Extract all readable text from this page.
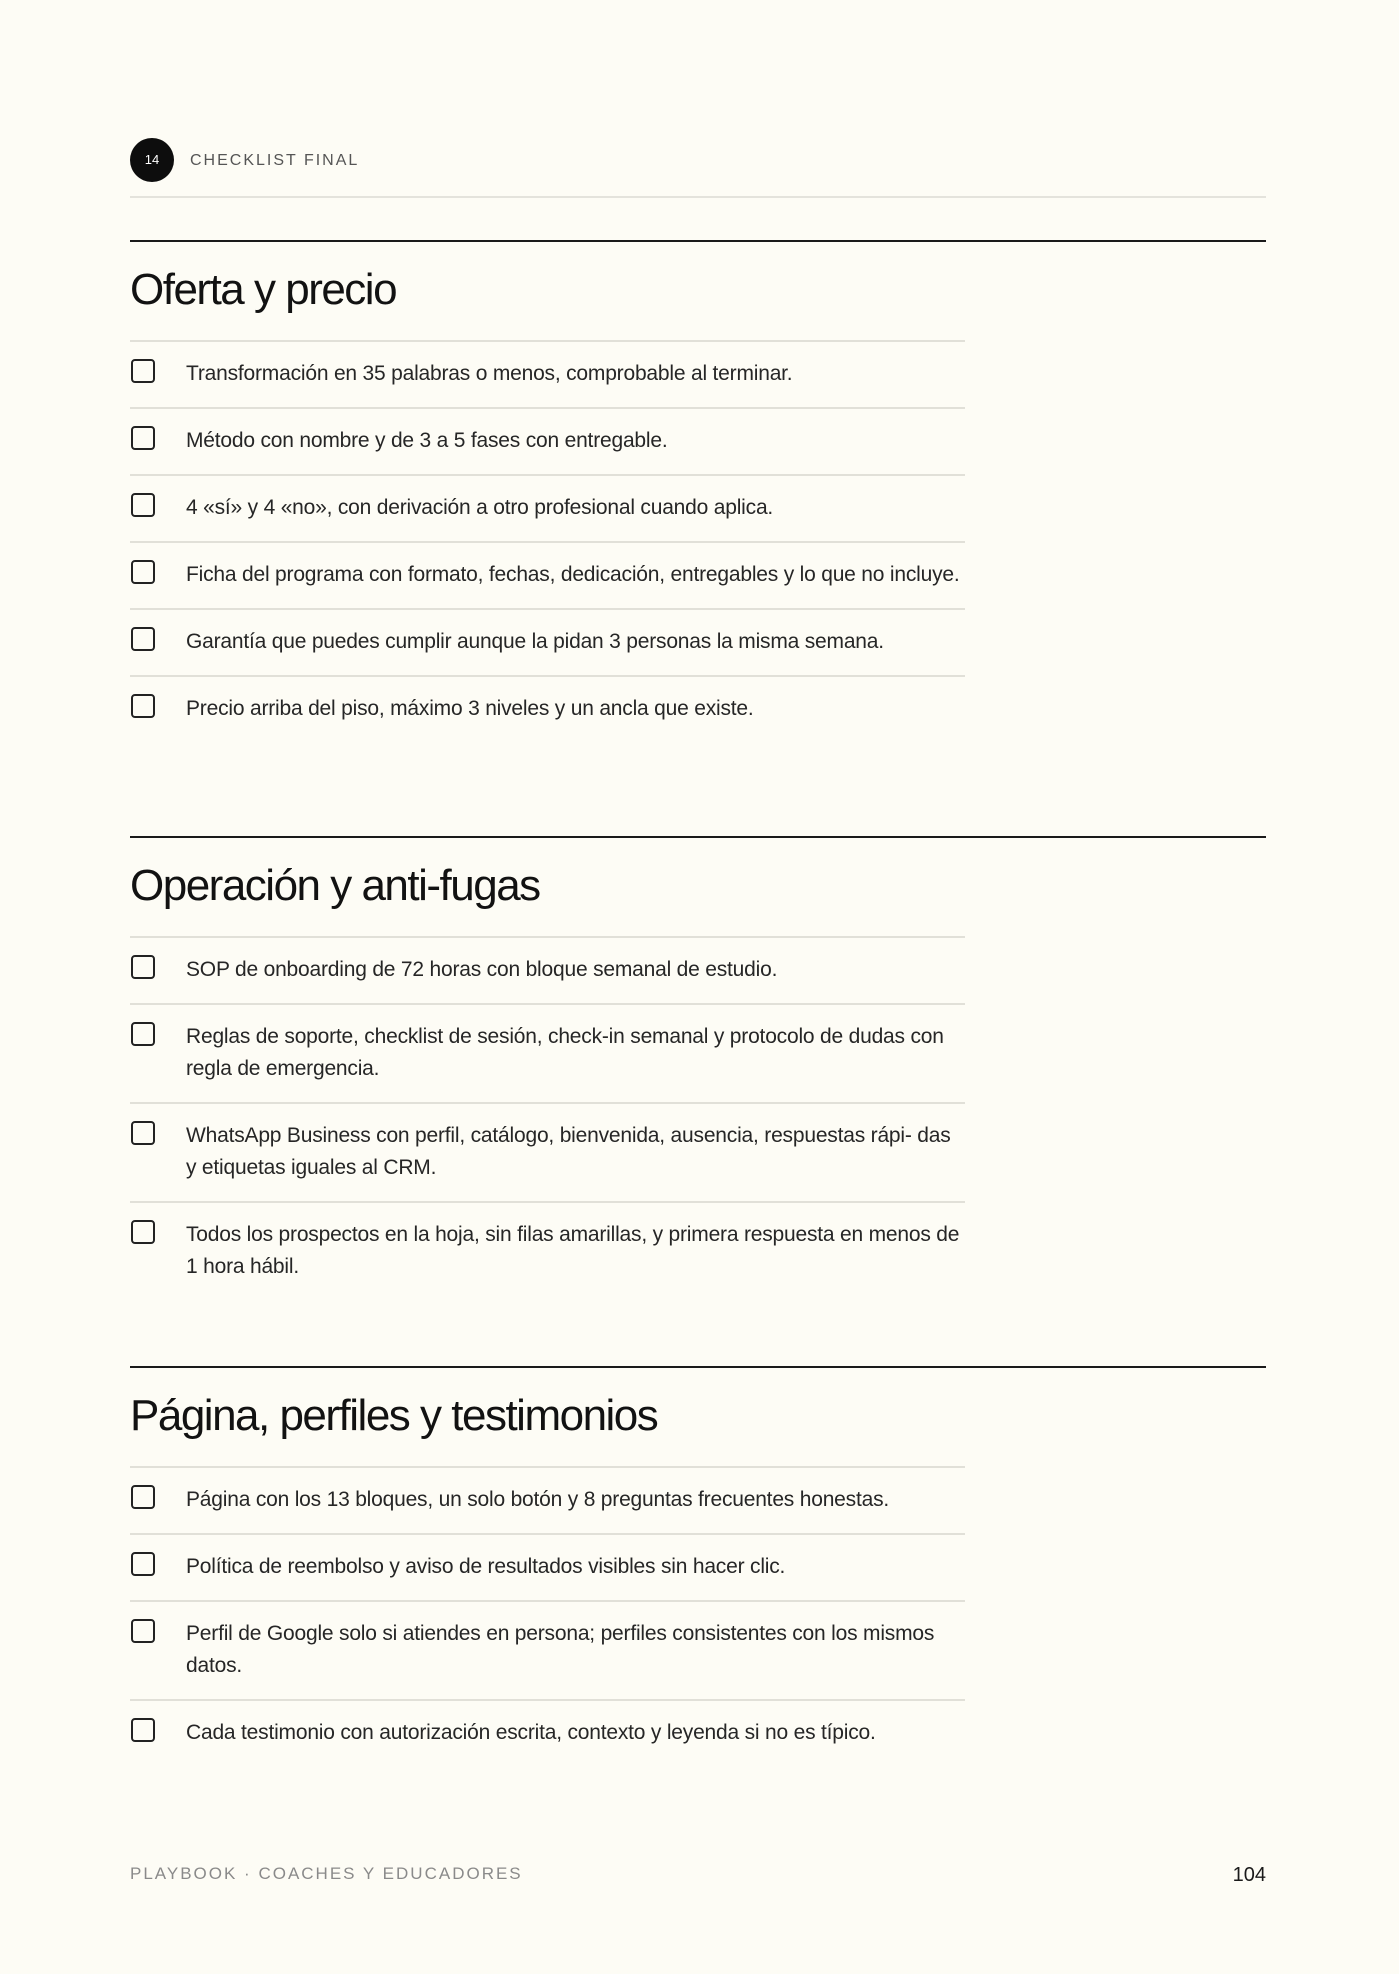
14	CHECKLIST FINAL
Oferta y precio
Transformación en 35 palabras o menos, comprobable al terminar.
Método con nombre y de 3 a 5 fases con entregable.
4 «sí» y 4 «no», con derivación a otro profesional cuando aplica.
Ficha del programa con formato, fechas, dedicación, entregables y lo que no incluye.
Garantía que puedes cumplir aunque la pidan 3 personas la misma semana.
Precio arriba del piso, máximo 3 niveles y un ancla que existe.
Operación y anti-fugas
SOP de onboarding de 72 horas con bloque semanal de estudio.
Reglas de soporte, checklist de sesión, check-in semanal y protocolo de dudas con regla de emergencia.
WhatsApp Business con perfil, catálogo, bienvenida, ausencia, respuestas rápi- das y etiquetas iguales al CRM.
Todos los prospectos en la hoja, sin filas amarillas, y primera respuesta en menos de 1 hora hábil.
Página, perfiles y testimonios
Página con los 13 bloques, un solo botón y 8 preguntas frecuentes honestas.
Política de reembolso y aviso de resultados visibles sin hacer clic.
Perfil de Google solo si atiendes en persona; perfiles consistentes con los mismos datos.
Cada testimonio con autorización escrita, contexto y leyenda si no es típico.
PLAYBOOK · COACHES Y EDUCADORES	104
